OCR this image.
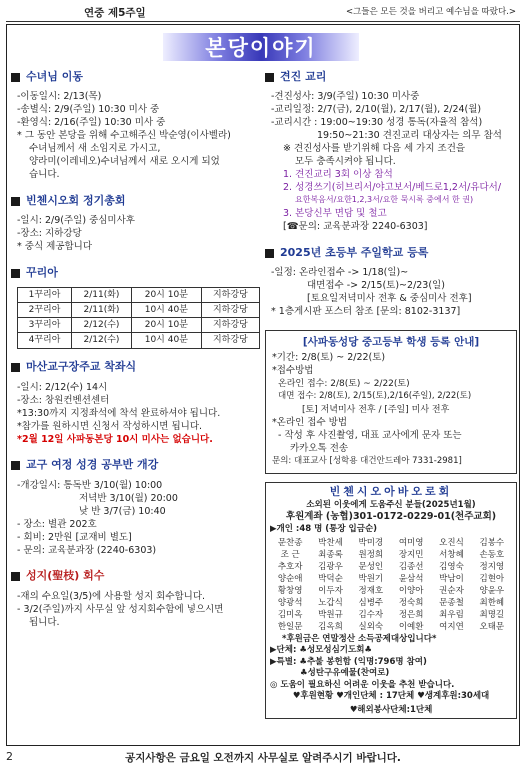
연중 제5주일	<그들은 모든 것을 버리고 예수님을 따랐다.>
본당이야기
수녀님 이동
-이동일시: 2/13(목)
-송별식: 2/9(주일) 10:30 미사 중
-환영식: 2/16(주일) 10:30 미사 중
* 그 동안 본당을 위해 수고해주신 박순영(이사벨라)
수녀님께서 새 소임지로 가시고,
양라미(이레네오)수녀님께서 새로 오시게 되었
습니다.
빈첸시오회 정기총회
-일시: 2/9(주일) 중심미사후
-장소: 지하강당
* 중식 제공합니다
꾸리아
1꾸리아	2/11(화)	20시 10분	지하강당
2꾸리아	2/11(화)	10시 40분	지하강당
3꾸리아	2/12(수)	20시 10분	지하강당
4꾸리아	2/12(수)	10시 40분	지하강당
마산교구장주교 착좌식
-일시: 2/12(수) 14시
-장소: 창원컨벤션센터
*13:30까지 지정좌석에 착석 완료하셔야 됩니다.
*참가를 원하시면 신청서 작성하시면 됩니다.
*2월 12일 사파동본당 10시 미사는 없습니다.
교구 여정 성경 공부반 개강
-개강일시: 통독반 3/10(월) 10:00
저녁반 3/10(월) 20:00
낮 반 3/7(금) 10:40
- 장소: 별관 202호
- 회비: 2만원 [교재비 별도]
- 문의: 교육분과장 (2240-6303)
성지(聖枝) 회수
-재의 수요일(3/5)에 사용할 성지 회수합니다.
- 3/2(주일)까지 사무실 앞 성지회수함에 넣으시면
됩니다.
견진 교리
-견진성사: 3/9(주일) 10:30 미사중
-교리일정: 2/7(금), 2/10(월), 2/17(월), 2/24(월)
-교리시간 : 19:00~19:30 성경 통독(자율적 참석)
19:50~21:30 견진교리 대상자는 의무 참석
※ 견진성사를 받기위해 다음 세 가지 조건을
모두 충족시켜야 됩니다.
1. 견진교리 3회 이상 참석
2. 성경쓰기(히브리서/야고보서/베드로1,2서/유다서/
요한복음서/요한1,2,3서/요한 묵시록 중에서 한 권)
3. 본당신부 면담 및 철고
[☎문의: 교육분과장 2240-6303]
2025년 초등부 주일학교 등록
-일정: 온라인접수 -> 1/18(일)~
대면접수 -> 2/15(토)~2/23(일)
[토요일저녁미사 전후 & 중심미사 전후]
* 1층게시판 포스터 참조 [문의: 8102-3137]
[사파동성당 중고등부 학생 등록 안내]
*기간: 2/8(토) ~ 2/22(토)
*접수방법
온라인 접수: 2/8(토) ~ 2/22(토)
대면 접수: 2/8(토), 2/15(토),2/16(주일), 2/22(토)
[토] 저녁미사 전후 / [주일] 미사 전후
*온라인 접수 방법
- 작성 후 사진촬영, 대표 교사에게 문자 또는
카카오톡 전송
문의: 대표교사 [성학용 대건안드레아 7331-2981]
빈첸시오아바오로회
소외된 이웃에게 도움주신 분들(2025년1월)
후원계좌 (농협)301-0172-0229-01(천주교회)
▶개인 :48 명 (통장 입금순)
문찬종	박찬세	박미경	여미영	오진식	김봉수
조 근	최종록	원정희	장지민	서창혜	손동호
추호자	김광우	문성인	김종선	김영숙	정지영
양순애	박덕순	박원기	윤삼석	박남이	김현아
황창영	이두자	정재호	이양아	권순자	양윤우
양광석	노갑식	심병주	정숙희	문종철	최한혜
김미옥	박원규	김수자	정은희	최우림	최명길
한일문	김옥희	실외숙	이예환	여지연	오태문
*후원금은 연말정산 소득공제대상입니다*
▶단체: ♣성모성심기도회♣
▶특별: ♣추불 봉헌함 (익명:796명 참여)
♣성탄구유예물(찬여로)
◎ 도움이 필요하신 어려운 이웃을 추천 받습니다.
♥후원현황 ♥개인단체 : 17단체 ♥생계후원:30세대
♥해외봉사단체:1단체
2	공지사항은 금요일 오전까지 사무실로 알려주시기 바랍니다.
